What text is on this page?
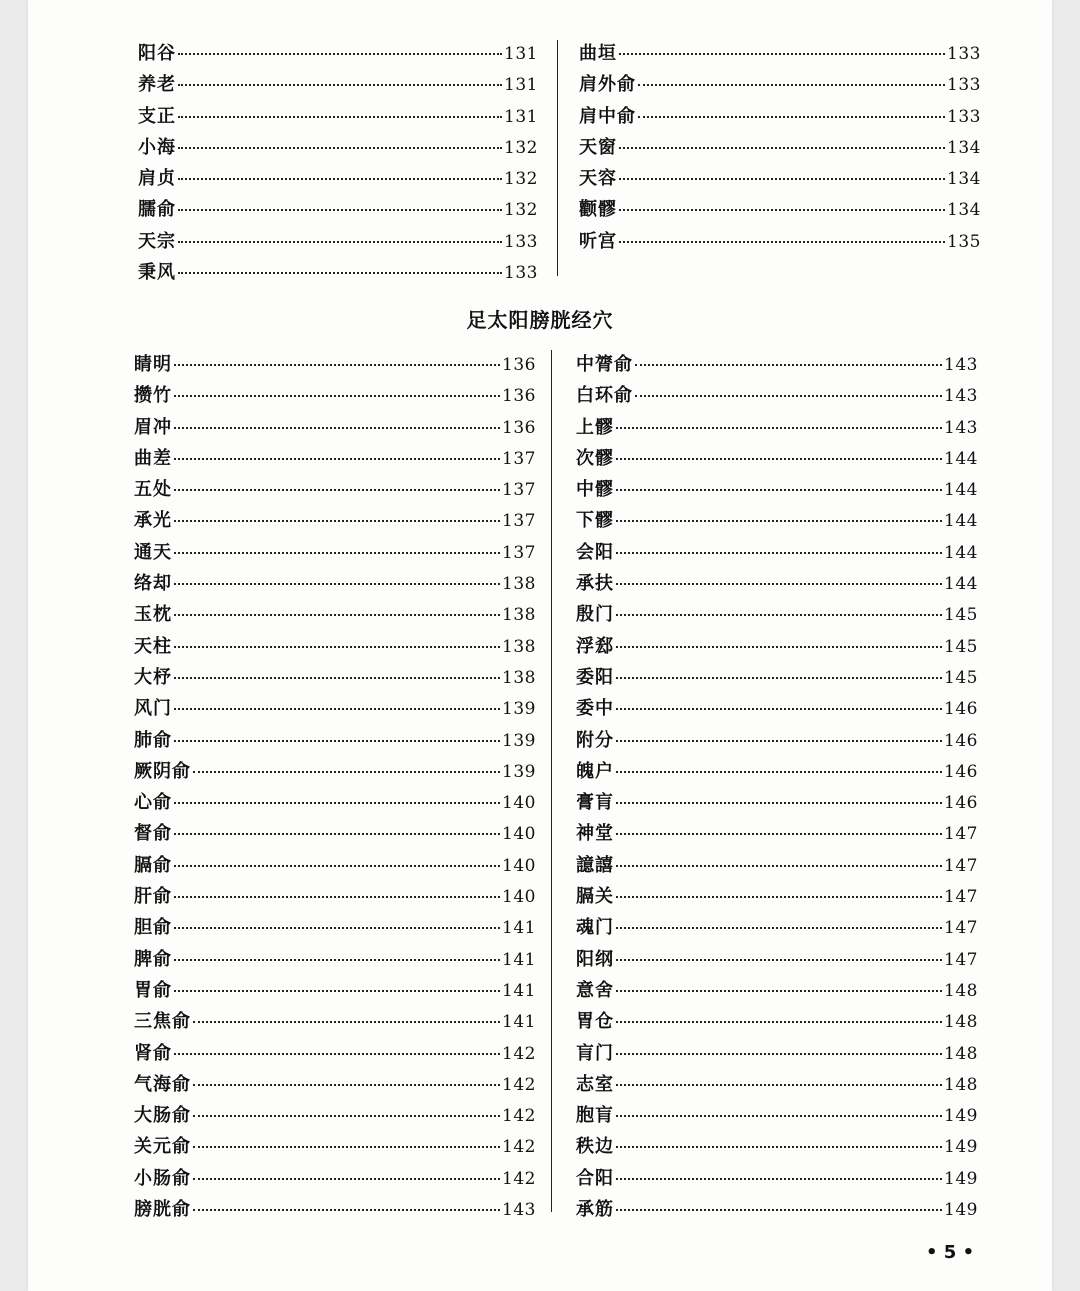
阳谷	131
养老	131
支正	131
小海	132
肩贞	132
臑俞	132
天宗	133
秉风	133
曲垣	133
肩外俞	133
肩中俞	133
天窗	134
天容	134
颧髎	134
听宫	135
足太阳膀胱经穴
睛明	136
攒竹	136
眉冲	136
曲差	137
五处	137
承光	137
通天	137
络却	138
玉枕	138
天柱	138
大杼	138
风门	139
肺俞	139
厥阴俞	139
心俞	140
督俞	140
膈俞	140
肝俞	140
胆俞	141
脾俞	141
胃俞	141
三焦俞	141
肾俞	142
气海俞	142
大肠俞	142
关元俞	142
小肠俞	142
膀胱俞	143
中膂俞	143
白环俞	143
上髎	143
次髎	144
中髎	144
下髎	144
会阳	144
承扶	144
殷门	145
浮郄	145
委阳	145
委中	146
附分	146
魄户	146
膏肓	146
神堂	147
譩譆	147
膈关	147
魂门	147
阳纲	147
意舍	148
胃仓	148
肓门	148
志室	148
胞肓	149
秩边	149
合阳	149
承筋	149
• 5 •
